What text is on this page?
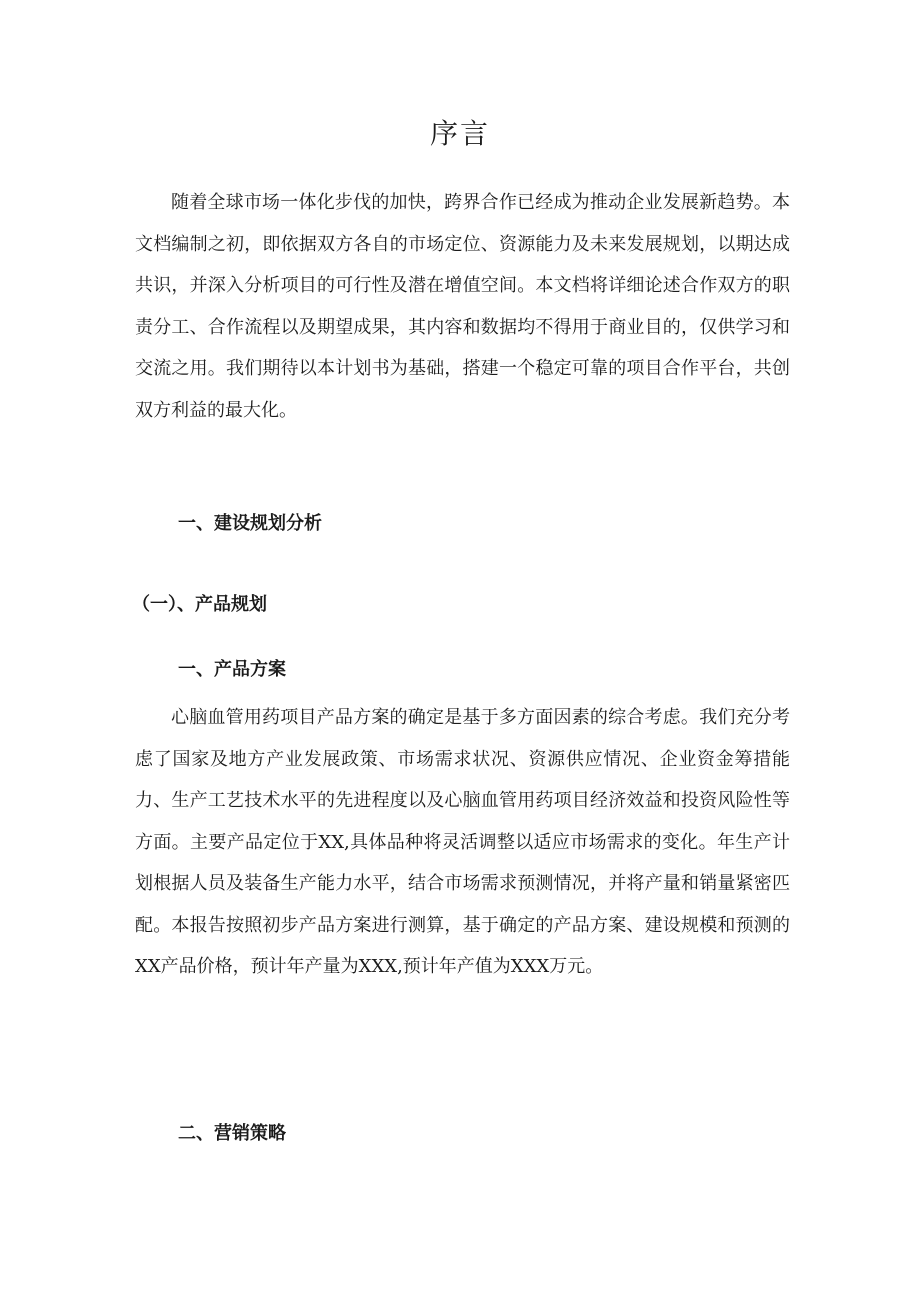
序言

随着全球市场一体化步伐的加快，跨界合作已经成为推动企业发展新趋势。本文档编制之初，即依据双方各自的市场定位、资源能力及未来发展规划，以期达成共识，并深入分析项目的可行性及潜在增值空间。本文档将详细论述合作双方的职责分工、合作流程以及期望成果，其内容和数据均不得用于商业目的，仅供学习和交流之用。我们期待以本计划书为基础，搭建一个稳定可靠的项目合作平台，共创双方利益的最大化。

一、建设规划分析
（一）、产品规划
一、产品方案

心脑血管用药项目产品方案的确定是基于多方面因素的综合考虑。我们充分考虑了国家及地方产业发展政策、市场需求状况、资源供应情况、企业资金筹措能力、生产工艺技术水平的先进程度以及心脑血管用药项目经济效益和投资风险性等方面。主要产品定位于XX,具体品种将灵活调整以适应市场需求的变化。年生产计划根据人员及装备生产能力水平，结合市场需求预测情况，并将产量和销量紧密匹配。本报告按照初步产品方案进行测算，基于确定的产品方案、建设规模和预测的XX产品价格，预计年产量为XXX,预计年产值为XXX万元。

二、营销策略
